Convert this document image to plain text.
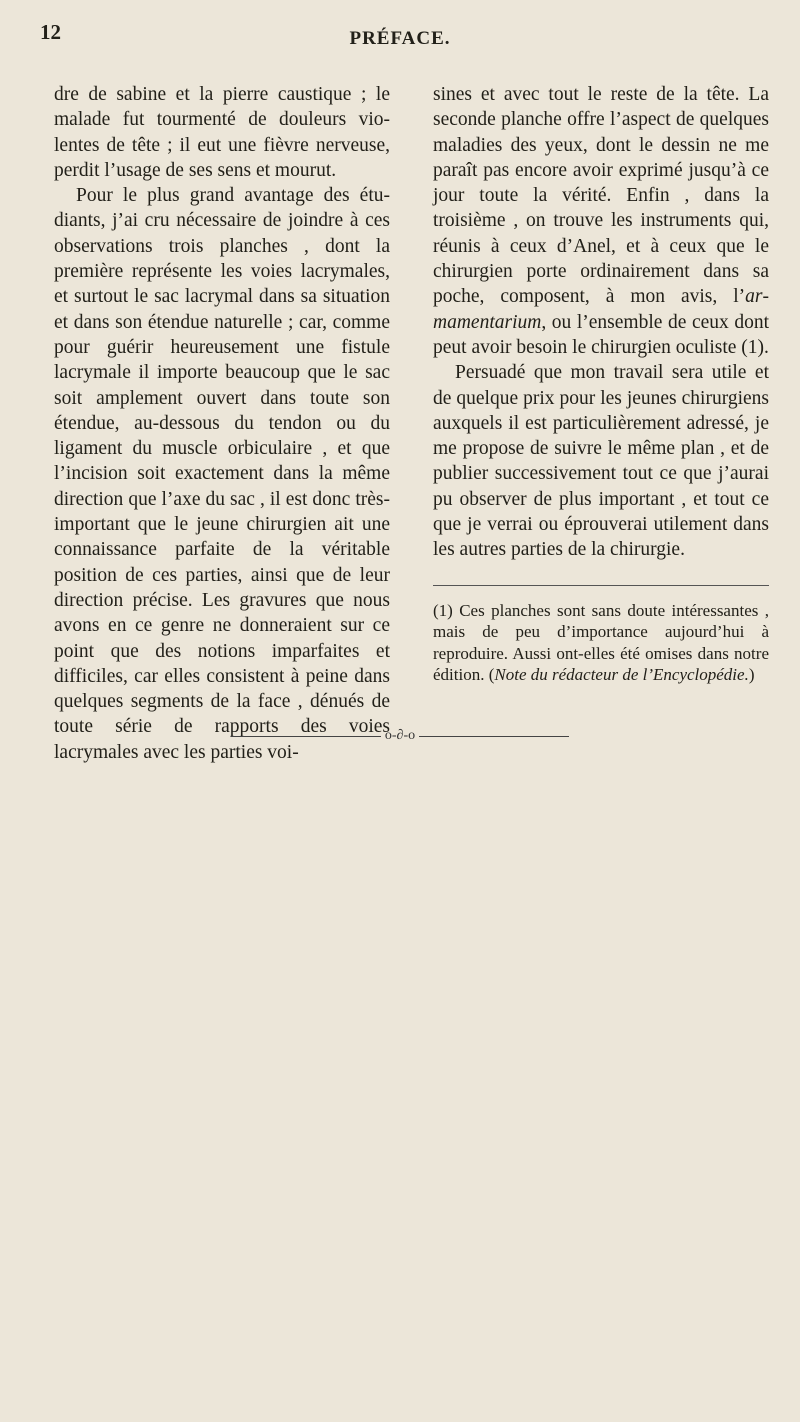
12	PRÉFACE.

dre de sabine et la pierre caustique ; le malade fut tourmenté de douleurs violentes de tête ; il eut une fièvre nerveuse, perdit l’usage de ses sens et mourut.

Pour le plus grand avantage des étudiants, j’ai cru nécessaire de joindre à ces observations trois planches , dont la première représente les voies lacrymales, et surtout le sac lacrymal dans sa situation et dans son étendue naturelle ; car, comme pour guérir heureusement une fistule lacrymale il importe beaucoup que le sac soit amplement ouvert dans toute son étendue, au-dessous du tendon ou du ligament du muscle orbiculaire , et que l’incision soit exactement dans la même direction que l’axe du sac , il est donc très-important que le jeune chirurgien ait une connaissance parfaite de la véritable position de ces parties, ainsi que de leur direction précise. Les gravures que nous avons en ce genre ne donneraient sur ce point que des notions imparfaites et difficiles, car elles consistent à peine dans quelques segments de la face , dénués de toute série de rapports des voies lacrymales avec les parties voi-

sines et avec tout le reste de la tête. La seconde planche offre l’aspect de quelques maladies des yeux, dont le dessin ne me paraît pas encore avoir exprimé jusqu’à ce jour toute la vérité. Enfin , dans la troisième , on trouve les instruments qui, réunis à ceux d’Anel, et à ceux que le chirurgien porte ordinairement dans sa poche, composent, à mon avis, l’armamentarium, ou l’ensemble de ceux dont peut avoir besoin le chirurgien oculiste (1).

Persuadé que mon travail sera utile et de quelque prix pour les jeunes chirurgiens auxquels il est particulièrement adressé, je me propose de suivre le même plan , et de publier successivement tout ce que j’aurai pu observer de plus important , et tout ce que je verrai ou éprouverai utilement dans les autres parties de la chirurgie.

(1) Ces planches sont sans doute intéressantes , mais de peu d’importance aujourd’hui à reproduire. Aussi ont-elles été omises dans notre édition. (Note du rédacteur de l’Encyclopédie.)

o-∂-o
